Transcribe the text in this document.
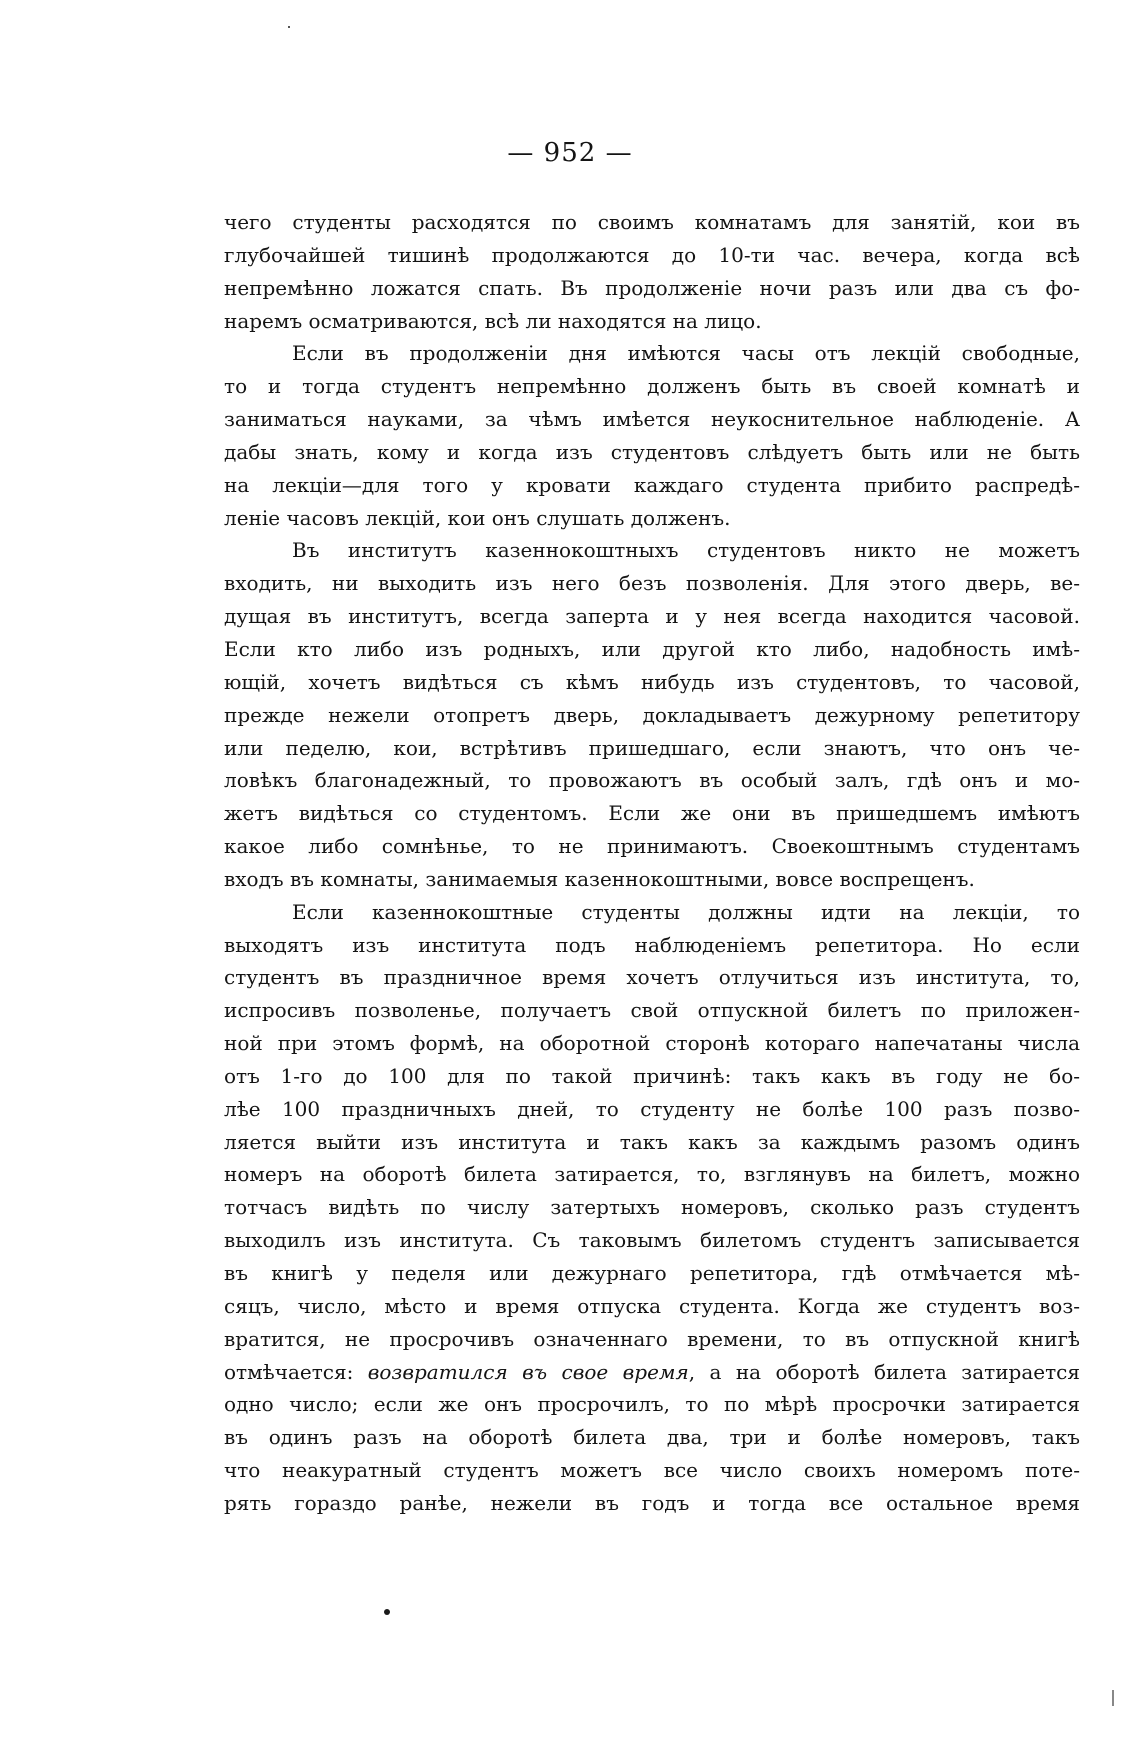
— 952 —
чего студенты расходятся по своимъ комнатамъ для занятій, кои въ
глубочайшей тишинѣ продолжаются до 10-ти час. вечера, когда всѣ
непремѣнно ложатся спать. Въ продолженіе ночи разъ или два съ фо-
наремъ осматриваются, всѣ ли находятся на лицо.
Если въ продолженіи дня имѣются часы отъ лекцій свободные,
то и тогда студентъ непремѣнно долженъ быть въ своей комнатѣ и
заниматься науками, за чѣмъ имѣется неукоснительное наблюденіе. А
дабы знать, кому и когда изъ студентовъ слѣдуетъ быть или не быть
на лекціи—для того у кровати каждаго студента прибито распредѣ-
леніе часовъ лекцій, кои онъ слушать долженъ.
Въ институтъ казеннокоштныхъ студентовъ никто не можетъ
входить, ни выходить изъ него безъ позволенія. Для этого дверь, ве-
дущая въ институтъ, всегда заперта и у нея всегда находится часовой.
Если кто либо изъ родныхъ, или другой кто либо, надобность имѣ-
ющій, хочетъ видѣться съ кѣмъ нибудь изъ студентовъ, то часовой,
прежде нежели отопретъ дверь, докладываетъ дежурному репетитору
или педелю, кои, встрѣтивъ пришедшаго, если знаютъ, что онъ че-
ловѣкъ благонадежный, то провожаютъ въ особый залъ, гдѣ онъ и мо-
жетъ видѣться со студентомъ. Если же они въ пришедшемъ имѣютъ
какое либо сомнѣнье, то не принимаютъ. Своекоштнымъ студентамъ
входъ въ комнаты, занимаемыя казеннокоштными, вовсе воспрещенъ.
Если казеннокоштные студенты должны идти на лекціи, то
выходятъ изъ института подъ наблюденіемъ репетитора. Но если
студентъ въ праздничное время хочетъ отлучиться изъ института, то,
испросивъ позволенье, получаетъ свой отпускной билетъ по приложен-
ной при этомъ формѣ, на оборотной сторонѣ котораго напечатаны числа
отъ 1-го до 100 для по такой причинѣ: такъ какъ въ году не бо-
лѣе 100 праздничныхъ дней, то студенту не болѣе 100 разъ позво-
ляется выйти изъ института и такъ какъ за каждымъ разомъ одинъ
номеръ на оборотѣ билета затирается, то, взглянувъ на билетъ, можно
тотчасъ видѣть по числу затертыхъ номеровъ, сколько разъ студентъ
выходилъ изъ института. Съ таковымъ билетомъ студентъ записывается
въ книгѣ у педеля или дежурнаго репетитора, гдѣ отмѣчается мѣ-
сяцъ, число, мѣсто и время отпуска студента. Когда же студентъ воз-
вратится, не просрочивъ означеннаго времени, то въ отпускной книгѣ
отмѣчается: возвратился въ свое время, а на оборотѣ билета затирается
одно число; если же онъ просрочилъ, то по мѣрѣ просрочки затирается
въ одинъ разъ на оборотѣ билета два, три и болѣе номеровъ, такъ
что неакуратный студентъ можетъ все число своихъ номеромъ поте-
рять гораздо ранѣе, нежели въ годъ и тогда все остальное время
